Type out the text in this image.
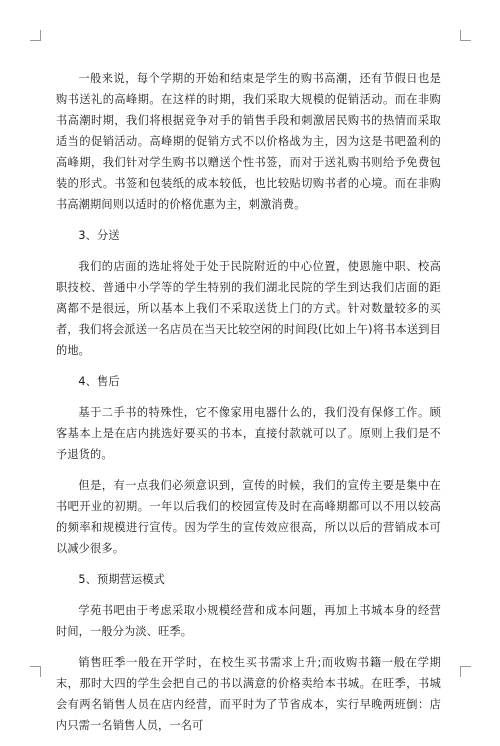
一般来说，每个学期的开始和结束是学生的购书高潮，还有节假日也是购书送礼的高峰期。在这样的时期，我们采取大规模的促销活动。而在非购书高潮时期，我们将根据竞争对手的销售手段和刺激居民购书的热情而采取适当的促销活动。高峰期的促销方式不以价格战为主，因为这是书吧盈利的高峰期，我们针对学生购书以赠送个性书签，而对于送礼购书则给予免费包装的形式。书签和包装纸的成本较低，也比较贴切购书者的心境。而在非购书高潮期间则以适时的价格优惠为主，刺激消费。

3、分送

我们的店面的选址将处于处于民院附近的中心位置，使恩施中职、校高职技校、普通中小学等的学生特别的我们湖北民院的学生到达我们店面的距离都不是很远，所以基本上我们不采取送货上门的方式。针对数量较多的买者，我们将会派送一名店员在当天比较空闲的时间段(比如上午)将书本送到目的地。

4、售后

基于二手书的特殊性，它不像家用电器什么的，我们没有保修工作。顾客基本上是在店内挑选好要买的书本，直接付款就可以了。原则上我们是不予退货的。

但是，有一点我们必须意识到，宣传的时候，我们的宣传主要是集中在书吧开业的初期。一年以后我们的校园宣传及时在高峰期都可以不用以较高的频率和规模进行宣传。因为学生的宣传效应很高，所以以后的营销成本可以减少很多。

5、预期营运模式

学苑书吧由于考虑采取小规模经营和成本问题，再加上书城本身的经营时间，一般分为淡、旺季。

销售旺季一般在开学时，在校生买书需求上升;而收购书籍一般在学期末，那时大四的学生会把自己的书以满意的价格卖给本书城。在旺季，书城会有两名销售人员在店内经营，而平时为了节省成本，实行早晚两班倒：店内只需一名销售人员，一名可
